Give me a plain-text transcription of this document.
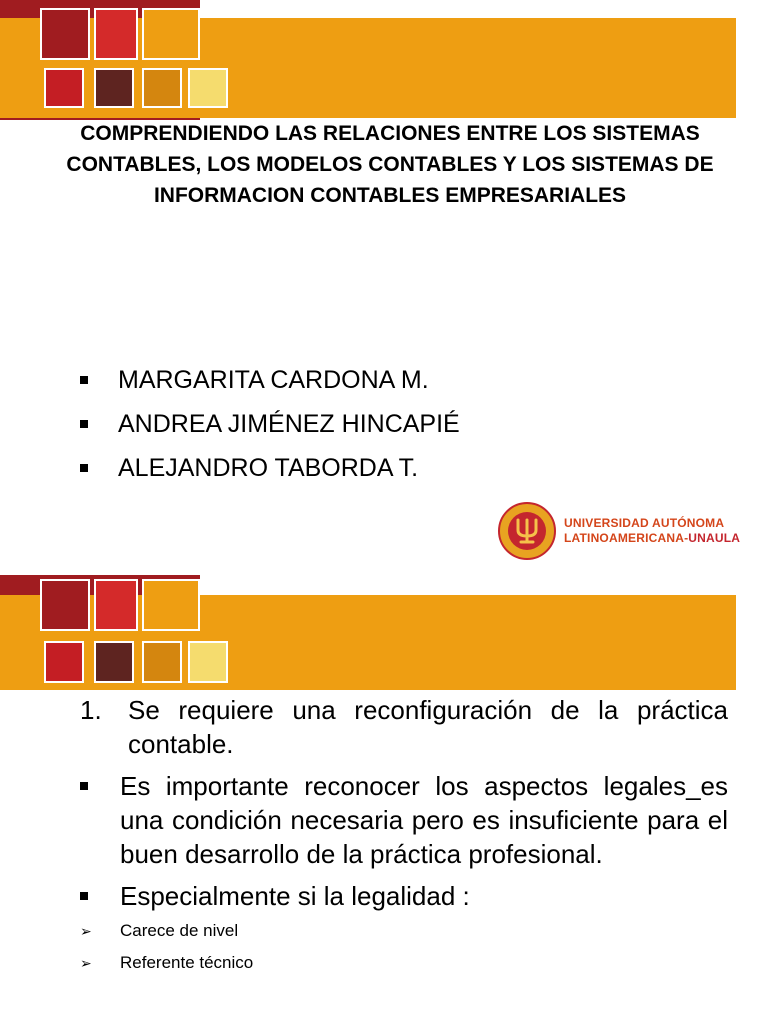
COMPRENDIENDO LAS RELACIONES ENTRE LOS SISTEMAS CONTABLES, LOS MODELOS CONTABLES Y LOS SISTEMAS DE INFORMACION CONTABLES EMPRESARIALES
MARGARITA CARDONA M.
ANDREA JIMÉNEZ HINCAPIÉ
ALEJANDRO TABORDA T.
UNIVERSIDAD AUTÓNOMA
LATINOAMERICANA-UNAULA
1.	Se requiere una reconfiguración de la práctica contable.
Es importante reconocer los aspectos legales_es una condición necesaria pero es insuficiente para el buen desarrollo de la práctica profesional.
Especialmente si la legalidad :
➢	Carece de nivel
➢	Referente técnico
